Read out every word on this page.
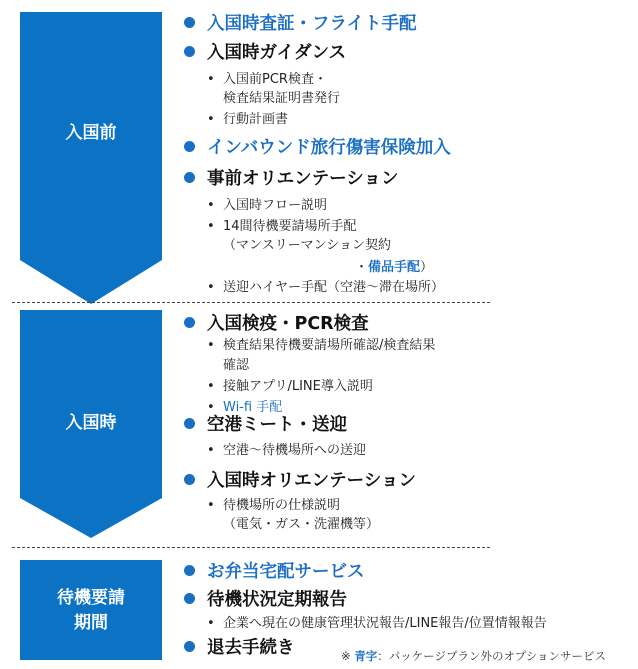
入国前
入国時
待機要請
期間
入国時査証・フライト手配
入国時ガイダンス
• 入国前PCR検査・
検査結果証明書発行
• 行動計画書
インバウンド旅行傷害保険加入
事前オリエンテーション
• 入国時フロー説明
• 14間待機要請場所手配
（マンスリーマンション契約
・備品手配）
• 送迎ハイヤー手配（空港～滞在場所）
入国検疫・PCR検査
• 検査結果待機要請場所確認/検査結果
確認
• 接触アプリ/LINE導入説明
• Wi-fi 手配
空港ミート・送迎
• 空港～待機場所への送迎
入国時オリエンテーション
• 待機場所の仕様説明
（電気・ガス・洗濯機等）
お弁当宅配サービス
待機状況定期報告
• 企業へ現在の健康管理状況報告/LINE報告/位置情報報告
退去手続き	※ 青字：パッケージプラン外のオプションサービス
